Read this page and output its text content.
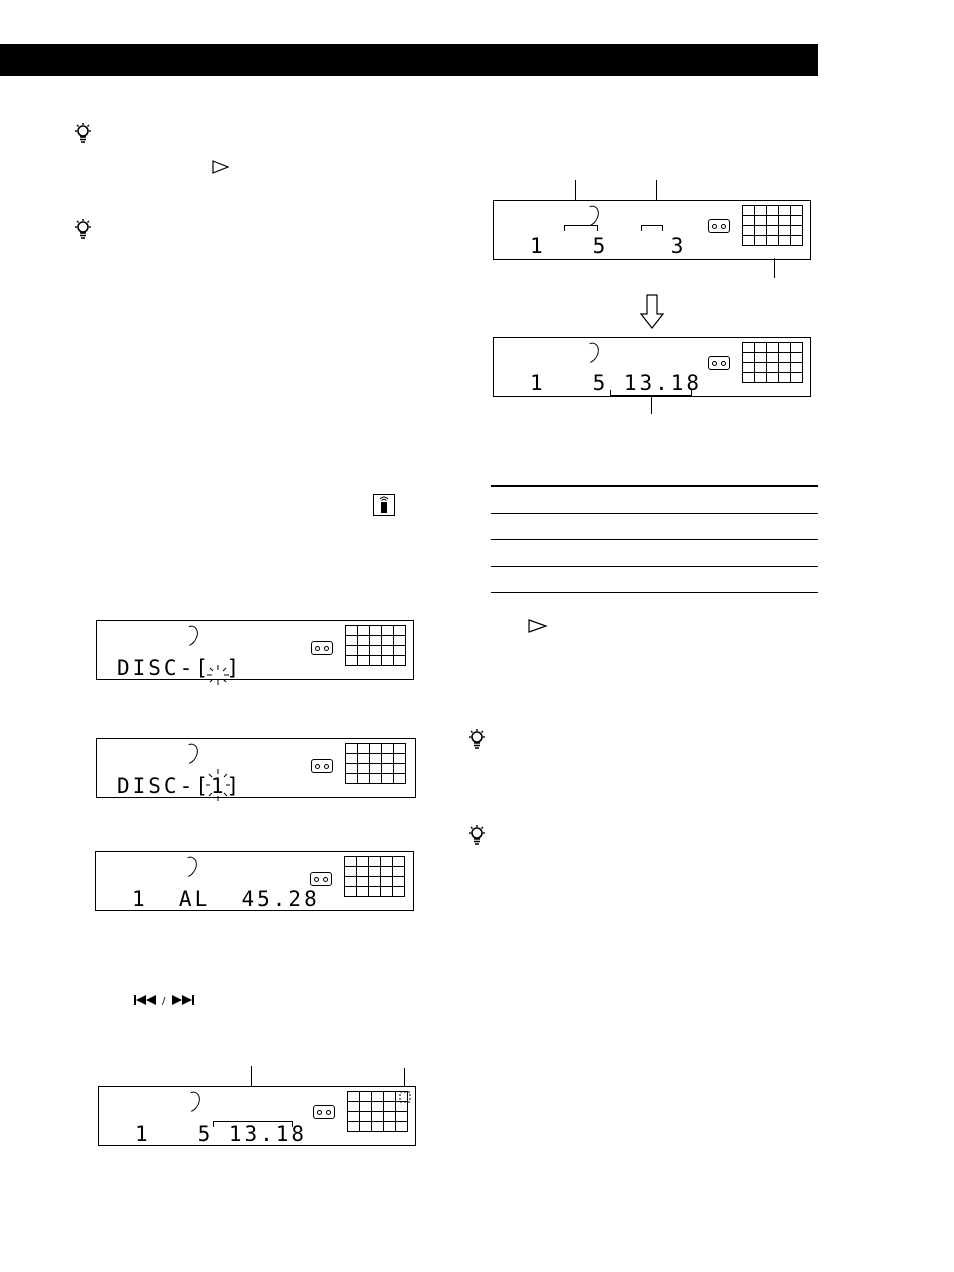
DISC-[ ]

DISC-[1]

1  AL  45.28
/

1   5 13.18

1   5    3

1   5 13.18
